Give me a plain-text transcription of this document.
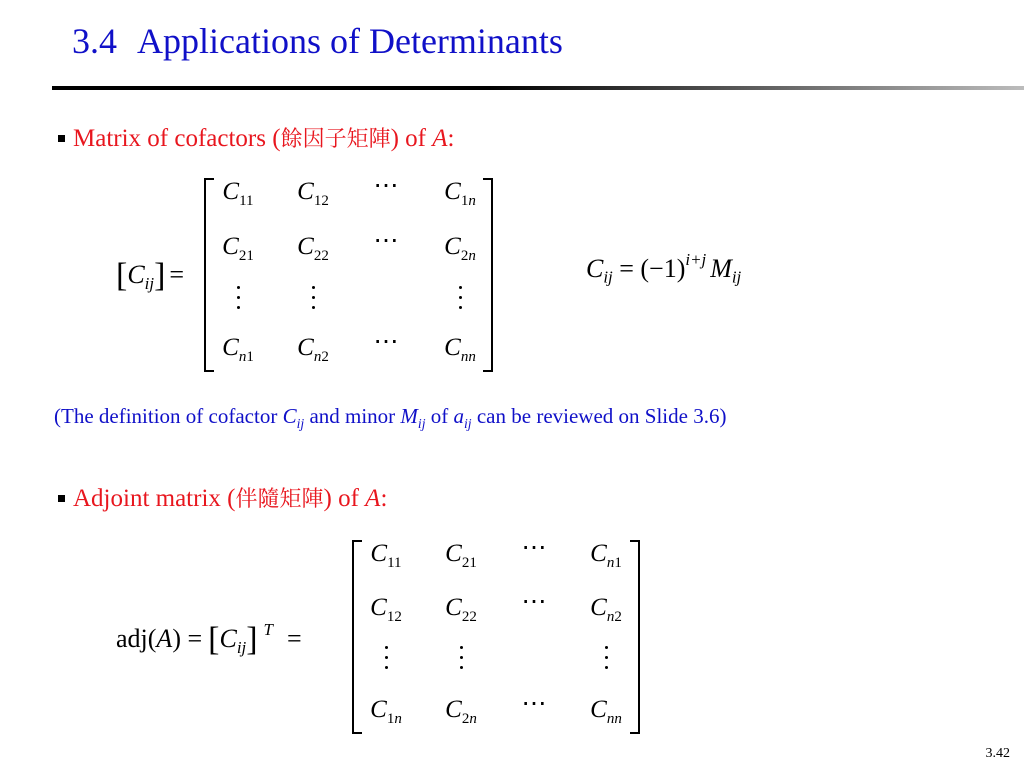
3.4 Applications of Determinants
Matrix of cofactors (餘因子矩陣) of A:
$[C_{ij}]$ =
$C_{11}$ $C_{12}$
⋯ $C_{1n}$
$C_{21}$ $C_{22}$
⋯ $C_{2n}$
$C_{n1}$ $C_{n2}$
⋯ $C_{nn}$
$C_{ij} = (-1)^{i+j}$ $M_{ij}$
(The definition of cofactor $C_{ij}$ and minor $M_{ij}$ of $a_{ij}$ can be reviewed on Slide 3.6)
Adjoint matrix (伴隨矩陣) of A:
$adj(A) = [C_{ij}] ^T$ =
$C_{11}$ $C_{21}$
⋯ $C_{n1}$
$C_{12}$ $C_{22}$
⋯ $C_{n2}$
$C_{1n}$ $C_{2n}$
⋯ $C_{nn}$
3.42
